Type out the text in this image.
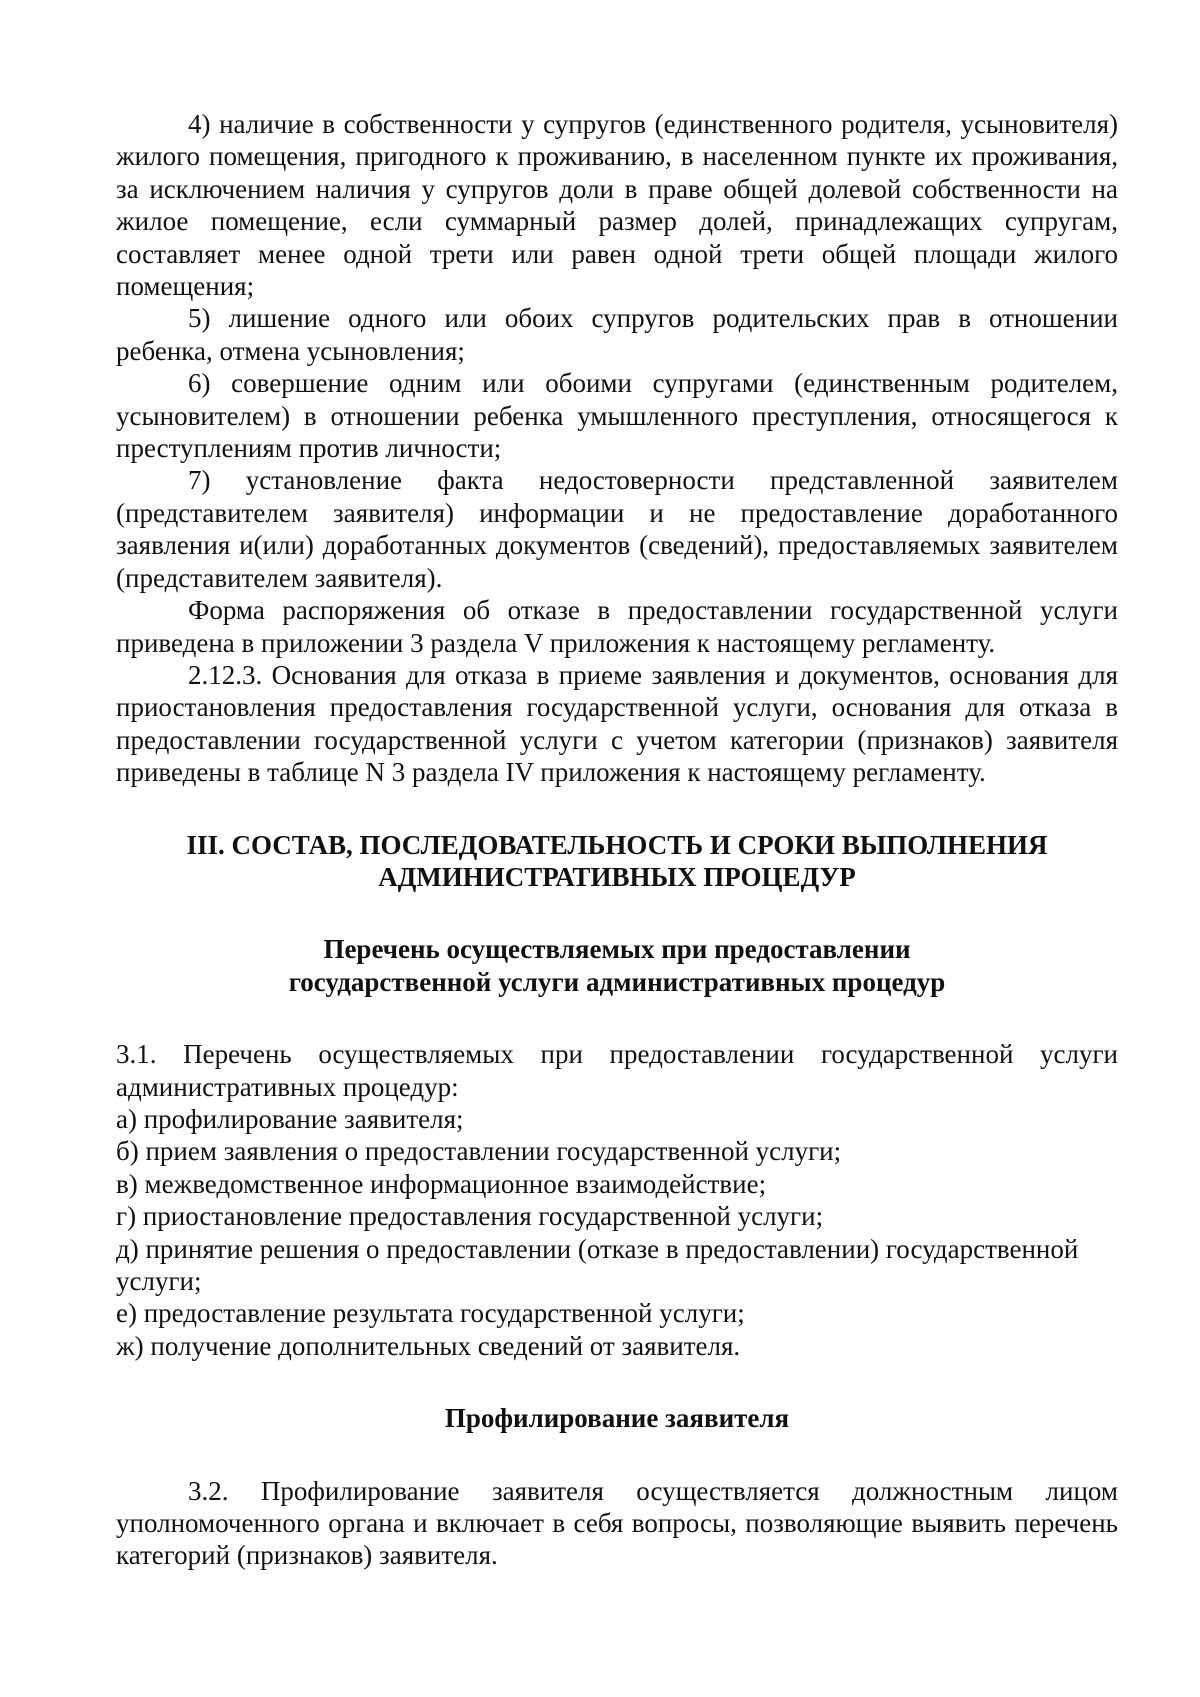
4) наличие в собственности у супругов (единственного родителя, усыновителя) жилого помещения, пригодного к проживанию, в населенном пункте их проживания, за исключением наличия у супругов доли в праве общей долевой собственности на жилое помещение, если суммарный размер долей, принадлежащих супругам, составляет менее одной трети или равен одной трети общей площади жилого помещения;

5) лишение одного или обоих супругов родительских прав в отношении ребенка, отмена усыновления;

6) совершение одним или обоими супругами (единственным родителем, усыновителем) в отношении ребенка умышленного преступления, относящегося к преступлениям против личности;

7) установление факта недостоверности представленной заявителем (представителем заявителя) информации и не предоставление доработанного заявления и(или) доработанных документов (сведений), предоставляемых заявителем (представителем заявителя).

Форма распоряжения об отказе в предоставлении государственной услуги приведена в приложении 3 раздела V приложения к настоящему регламенту.

2.12.3. Основания для отказа в приеме заявления и документов, основания для приостановления предоставления государственной услуги, основания для отказа в предоставлении государственной услуги с учетом категории (признаков) заявителя приведены в таблице N 3 раздела IV приложения к настоящему регламенту.

III. СОСТАВ, ПОСЛЕДОВАТЕЛЬНОСТЬ И СРОКИ ВЫПОЛНЕНИЯ
АДМИНИСТРАТИВНЫХ ПРОЦЕДУР
Перечень осуществляемых при предоставлении
государственной услуги административных процедур

3.1. Перечень осуществляемых при предоставлении государственной услуги административных процедур:

а) профилирование заявителя;
б) прием заявления о предоставлении государственной услуги;
в) межведомственное информационное взаимодействие;
г) приостановление предоставления государственной услуги;
д) принятие решения о предоставлении (отказе в предоставлении) государственной услуги;
е) предоставление результата государственной услуги;
ж) получение дополнительных сведений от заявителя.
Профилирование заявителя

3.2. Профилирование заявителя осуществляется должностным лицом уполномоченного органа и включает в себя вопросы, позволяющие выявить перечень категорий (признаков) заявителя.
